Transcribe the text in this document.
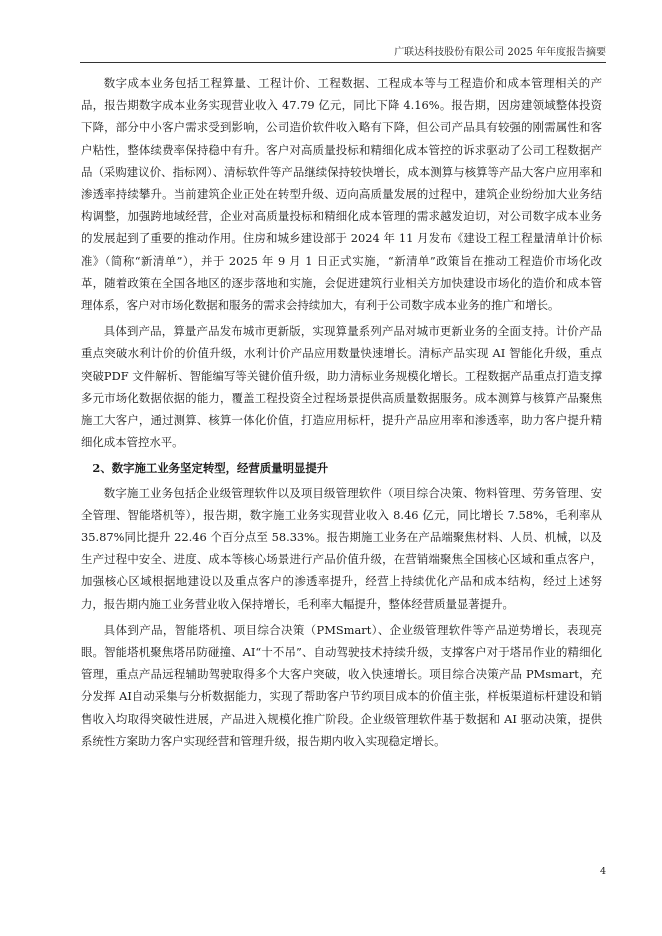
广联达科技股份有限公司 2025 年年度报告摘要

数字成本业务包括工程算量、工程计价、工程数据、工程成本等与工程造价和成本管理相关的产品，报告期数字成本业务实现营业收入 47.79 亿元，同比下降 4.16%。报告期，因房建领域整体投资下降，部分中小客户需求受到影响，公司造价软件收入略有下降，但公司产品具有较强的刚需属性和客户粘性，整体续费率保持稳中有升。客户对高质量投标和精细化成本管控的诉求驱动了公司工程数据产品（采购建议价、指标网）、清标软件等产品继续保持较快增长，成本测算与核算等产品大客户应用率和渗透率持续攀升。当前建筑企业正处在转型升级、迈向高质量发展的过程中，建筑企业纷纷加大业务结构调整，加强跨地域经营，企业对高质量投标和精细化成本管理的需求越发迫切，对公司数字成本业务的发展起到了重要的推动作用。住房和城乡建设部于 2024 年 11 月发布《建设工程工程量清单计价标准》（简称“新清单”），并于 2025 年 9 月 1 日正式实施，“新清单”政策旨在推动工程造价市场化改革，随着政策在全国各地区的逐步落地和实施，会促进建筑行业相关方加快建设市场化的造价和成本管理体系，客户对市场化数据和服务的需求会持续加大，有利于公司数字成本业务的推广和增长。

具体到产品，算量产品发布城市更新版，实现算量系列产品对城市更新业务的全面支持。计价产品重点突破水利计价的价值升级，水利计价产品应用数量快速增长。清标产品实现 AI 智能化升级，重点突破PDF 文件解析、智能编写等关键价值升级，助力清标业务规模化增长。工程数据产品重点打造支撑多元市场化数据依据的能力，覆盖工程投资全过程场景提供高质量数据服务。成本测算与核算产品聚焦施工大客户，通过测算、核算一体化价值，打造应用标杆，提升产品应用率和渗透率，助力客户提升精细化成本管控水平。

2、数字施工业务坚定转型，经营质量明显提升

数字施工业务包括企业级管理软件以及项目级管理软件（项目综合决策、物料管理、劳务管理、安全管理、智能塔机等），报告期，数字施工业务实现营业收入 8.46 亿元，同比增长 7.58%，毛利率从35.87%同比提升 22.46 个百分点至 58.33%。报告期施工业务在产品端聚焦材料、人员、机械，以及生产过程中安全、进度、成本等核心场景进行产品价值升级，在营销端聚焦全国核心区域和重点客户，加强核心区域根据地建设以及重点客户的渗透率提升，经营上持续优化产品和成本结构，经过上述努力，报告期内施工业务营业收入保持增长，毛利率大幅提升，整体经营质量显著提升。

具体到产品，智能塔机、项目综合决策（PMSmart）、企业级管理软件等产品逆势增长，表现亮眼。智能塔机聚焦塔吊防碰撞、AI“十不吊”、自动驾驶技术持续升级，支撑客户对于塔吊作业的精细化管理，重点产品远程辅助驾驶取得多个大客户突破，收入快速增长。项目综合决策产品 PMsmart，充分发挥 AI自动采集与分析数据能力，实现了帮助客户节约项目成本的价值主张，样板渠道标杆建设和销售收入均取得突破性进展，产品进入规模化推广阶段。企业级管理软件基于数据和 AI 驱动决策，提供系统性方案助力客户实现经营和管理升级，报告期内收入实现稳定增长。

4
